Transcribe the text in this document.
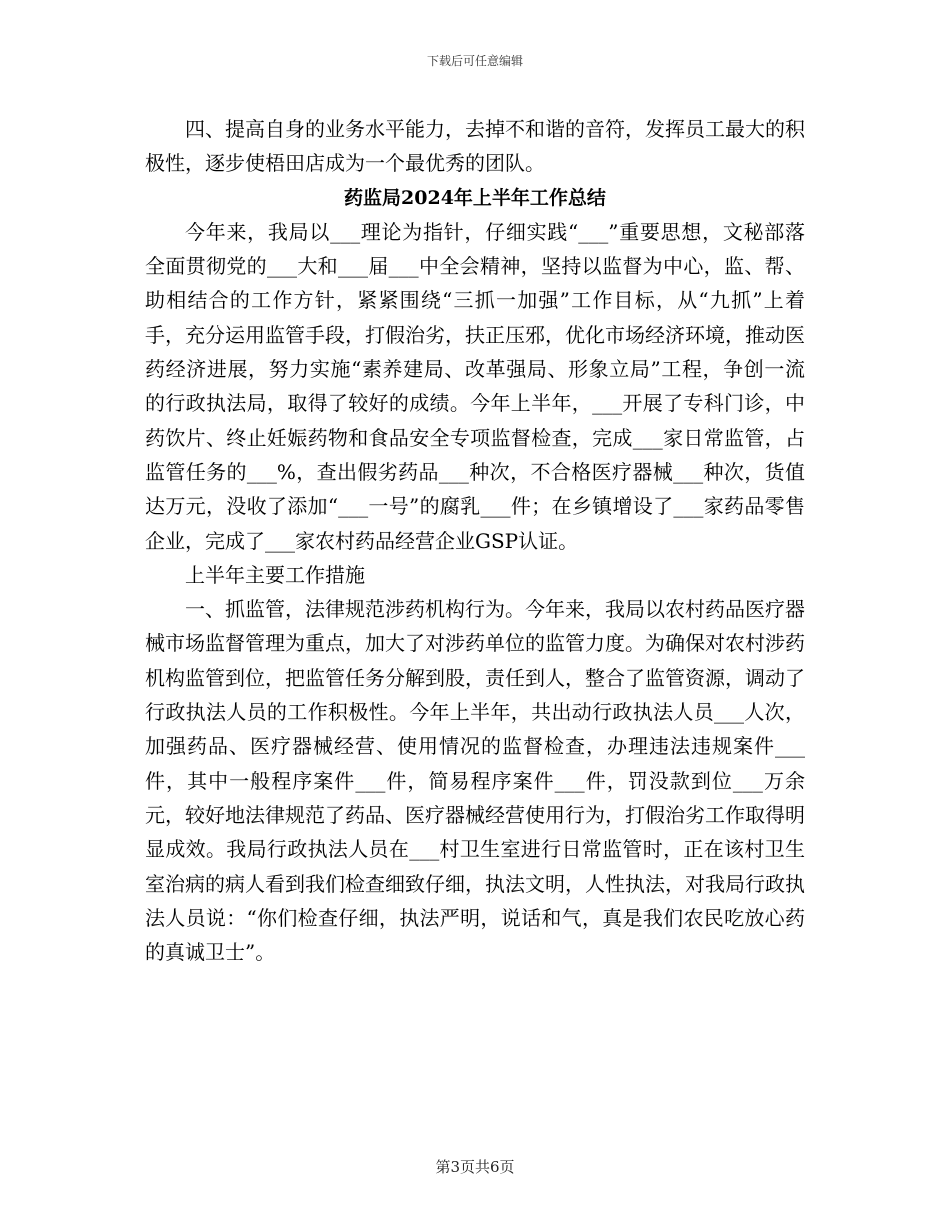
下载后可任意编辑

四、提高自身的业务水平能力，去掉不和谐的音符，发挥员工最大的积极性，逐步使梧田店成为一个最优秀的团队。

药监局2024年上半年工作总结

今年来，我局以___理论为指针，仔细实践“___”重要思想，文秘部落全面贯彻党的___大和___届___中全会精神，坚持以监督为中心，监、帮、助相结合的工作方针，紧紧围绕“三抓一加强”工作目标，从“九抓”上着手，充分运用监管手段，打假治劣，扶正压邪，优化市场经济环境，推动医药经济进展，努力实施“素养建局、改革强局、形象立局”工程，争创一流的行政执法局，取得了较好的成绩。今年上半年，___开展了专科门诊，中药饮片、终止妊娠药物和食品安全专项监督检查，完成___家日常监管，占监管任务的___%，查出假劣药品___种次，不合格医疗器械___种次，货值达万元，没收了添加“___一号”的腐乳___件；在乡镇增设了___家药品零售企业，完成了___家农村药品经营企业GSP认证。

上半年主要工作措施

一、抓监管，法律规范涉药机构行为。今年来，我局以农村药品医疗器械市场监督管理为重点，加大了对涉药单位的监管力度。为确保对农村涉药机构监管到位，把监管任务分解到股，责任到人，整合了监管资源，调动了行政执法人员的工作积极性。今年上半年，共出动行政执法人员___人次，加强药品、医疗器械经营、使用情况的监督检查，办理违法违规案件___件，其中一般程序案件___件，简易程序案件___件，罚没款到位___万余元，较好地法律规范了药品、医疗器械经营使用行为，打假治劣工作取得明显成效。我局行政执法人员在___村卫生室进行日常监管时，正在该村卫生室治病的病人看到我们检查细致仔细，执法文明，人性执法，对我局行政执法人员说：“你们检查仔细，执法严明，说话和气，真是我们农民吃放心药的真诚卫士”。

第3页共6页
